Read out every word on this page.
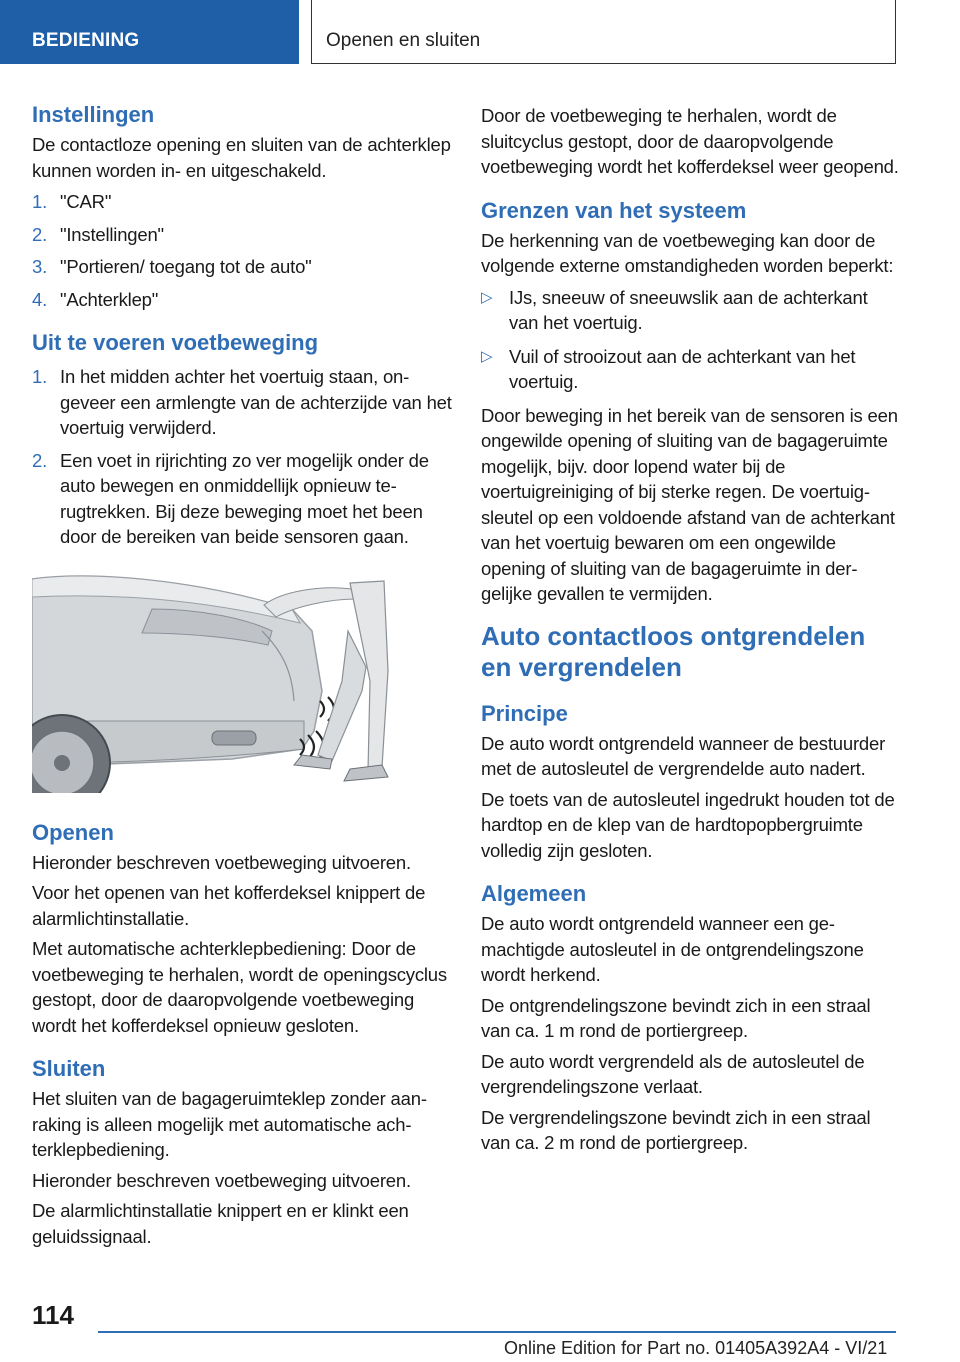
BEDIENING	Openen en sluiten
Instellingen

De contactloze opening en sluiten van de achterklep kunnen worden in- en uitgeschakeld.

1. "CAR"
2. "Instellingen"
3. "Portieren/ toegang tot de auto"
4. "Achterklep"
Uit te voeren voetbeweging
1. In het midden achter het voertuig staan, ongeveer een armlengte van de achterzijde van het voertuig verwijderd.
2. Een voet in rijrichting zo ver mogelijk onder de auto bewegen en onmiddellijk opnieuw terugtrekken. Bij deze beweging moet het been door de bereiken van beide sensoren gaan.
Openen

Hieronder beschreven voetbeweging uitvoeren.

Voor het openen van het kofferdeksel knippert de alarmlichtinstallatie.

Met automatische achterklepbediening: Door de voetbeweging te herhalen, wordt de openingscyclus gestopt, door de daaropvolgende voetbeweging wordt het kofferdeksel opnieuw gesloten.

Sluiten

Het sluiten van de bagageruimteklep zonder aanraking is alleen mogelijk met automatische achterklepbediening.

Hieronder beschreven voetbeweging uitvoeren.

De alarmlichtinstallatie knippert en er klinkt een geluidssignaal.

Door de voetbeweging te herhalen, wordt de sluitcyclus gestopt, door de daaropvolgende voetbeweging wordt het kofferdeksel weer geopend.

Grenzen van het systeem

De herkenning van de voetbeweging kan door de volgende externe omstandigheden worden beperkt:

▷ IJs, sneeuw of sneeuwslik aan de achterkant van het voertuig.
▷ Vuil of strooizout aan de achterkant van het voertuig.

Door beweging in het bereik van de sensoren is een ongewilde opening of sluiting van de bagageruimte mogelijk, bijv. door lopend water bij de voertuigreiniging of bij sterke regen. De voertuigsleutel op een voldoende afstand van de achterkant van het voertuig bewaren om een ongewilde opening of sluiting van de bagageruimte in dergelijke gevallen te vermijden.

Auto contactloos ontgrendelen en vergrendelen
Principe

De auto wordt ontgrendeld wanneer de bestuurder met de autosleutel de vergrendelde auto nadert.

De toets van de autosleutel ingedrukt houden tot de hardtop en de klep van de hardtopopbergruimte volledig zijn gesloten.

Algemeen

De auto wordt ontgrendeld wanneer een gemachtigde autosleutel in de ontgrendelingszone wordt herkend.

De ontgrendelingszone bevindt zich in een straal van ca. 1 m rond de portiergreep.

De auto wordt vergrendeld als de autosleutel de vergrendelingszone verlaat.

De vergrendelingszone bevindt zich in een straal van ca. 2 m rond de portiergreep.

114
Online Edition for Part no. 01405A392A4 - VI/21
